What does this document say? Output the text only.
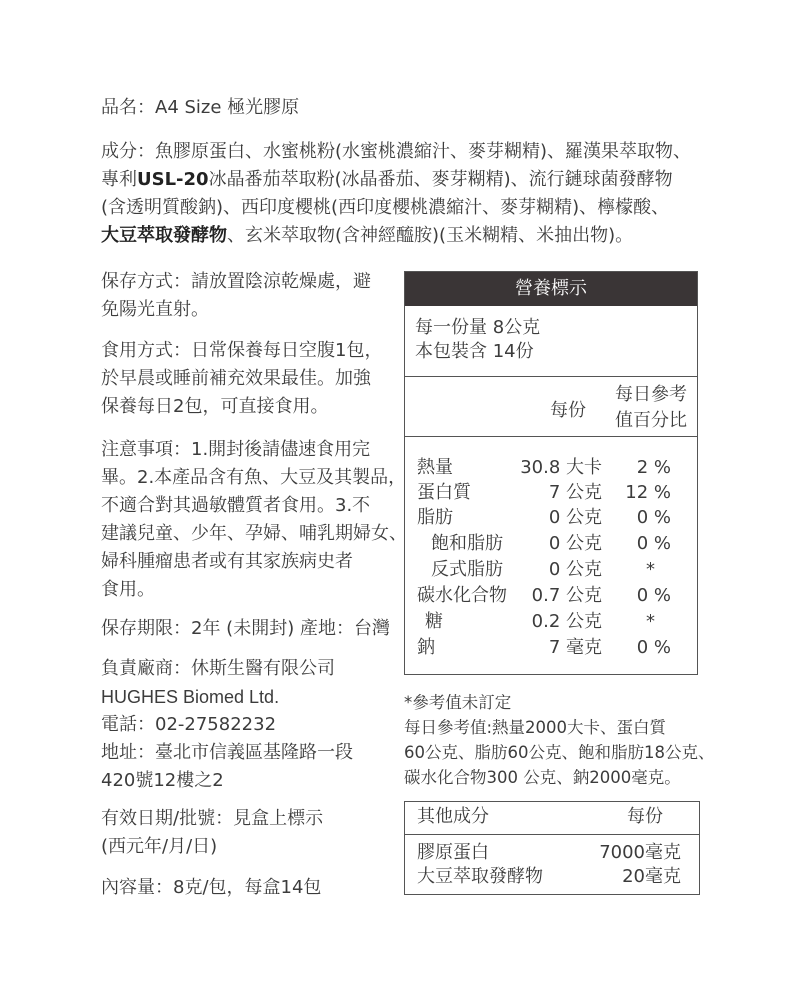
品名：A4 Size 極光膠原
成分：魚膠原蛋白、水蜜桃粉(水蜜桃濃縮汁、麥芽糊精)、羅漢果萃取物、
專利USL-20冰晶番茄萃取粉(冰晶番茄、麥芽糊精)、流行鏈球菌發酵物
(含透明質酸鈉)、西印度櫻桃(西印度櫻桃濃縮汁、麥芽糊精)、檸檬酸、
大豆萃取發酵物、玄米萃取物(含神經醯胺)(玉米糊精、米抽出物)。
保存方式：請放置陰涼乾燥處，避
免陽光直射。
食用方式：日常保養每日空腹1包，
於早晨或睡前補充效果最佳。加強
保養每日2包，可直接食用。
注意事項：1.開封後請儘速食用完
畢。2.本產品含有魚、大豆及其製品，
不適合對其過敏體質者食用。3.不
建議兒童、少年、孕婦、哺乳期婦女、
婦科腫瘤患者或有其家族病史者
食用。
保存期限：2年 (未開封) 產地：台灣
負責廠商：休斯生醫有限公司
HUGHES Biomed Ltd.
電話：02-27582232
地址：臺北市信義區基隆路一段
420號12樓之2
有效日期/批號：見盒上標示
(西元年/月/日)
內容量：8克/包，每盒14包
營養標示
每一份量 8公克
本包裝含 14份
每份
每日參考
值百分比
熱量	30.8 大卡 2 %
蛋白質	7 公克 12 %
脂肪	0 公克 0 %
飽和脂肪	0 公克 0 %
反式脂肪	0 公克 *
碳水化合物 0.7 公克 0 %
糖	0.2 公克 *
鈉	7 毫克 0 %
*參考值未訂定
每日參考值:熱量2000大卡、蛋白質
60公克、脂肪60公克、飽和脂肪18公克、
碳水化合物300 公克、鈉2000毫克。
其他成分	每份
膠原蛋白	7000毫克
大豆萃取發酵物	20毫克
